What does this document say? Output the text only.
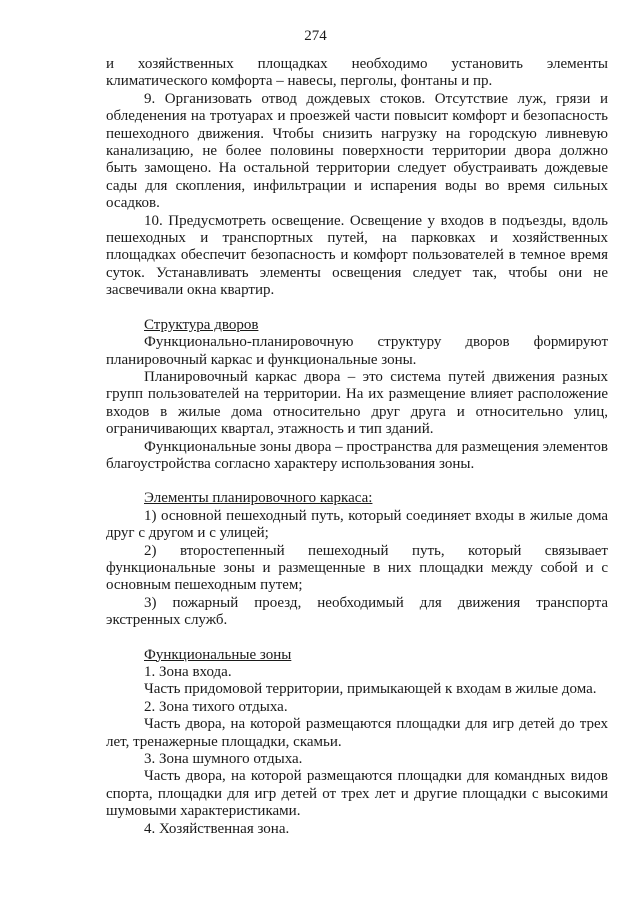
274

и хозяйственных площадках необходимо установить элементы климатического комфорта – навесы, перголы, фонтаны и пр.

9. Организовать отвод дождевых стоков. Отсутствие луж, грязи и обледенения на тротуарах и проезжей части повысит комфорт и безопасность пешеходного движения. Чтобы снизить нагрузку на городскую ливневую канализацию, не более половины поверхности территории двора должно быть замощено. На остальной территории следует обустраивать дождевые сады для скопления, инфильтрации и испарения воды во время сильных осадков.

10. Предусмотреть освещение. Освещение у входов в подъезды, вдоль пешеходных и транспортных путей, на парковках и хозяйственных площадках обеспечит безопасность и комфорт пользователей в темное время суток. Устанавливать элементы освещения следует так, чтобы они не засвечивали окна квартир.

Структура дворов

Функционально-планировочную структуру дворов формируют планировочный каркас и функциональные зоны.

Планировочный каркас двора – это система путей движения разных групп пользователей на территории. На их размещение влияет расположение входов в жилые дома относительно друг друга и относительно улиц, ограничивающих квартал, этажность и тип зданий.

Функциональные зоны двора – пространства для размещения элементов благоустройства согласно характеру использования зоны.

Элементы планировочного каркаса:

1) основной пешеходный путь, который соединяет входы в жилые дома друг с другом и с улицей;

2) второстепенный пешеходный путь, который связывает функциональные зоны и размещенные в них площадки между собой и с основным пешеходным путем;

3) пожарный проезд, необходимый для движения транспорта экстренных служб.

Функциональные зоны

1. Зона входа.

Часть придомовой территории, примыкающей к входам в жилые дома.

2. Зона тихого отдыха.

Часть двора, на которой размещаются площадки для игр детей до трех лет, тренажерные площадки, скамьи.

3. Зона шумного отдыха.

Часть двора, на которой размещаются площадки для командных видов спорта, площадки для игр детей от трех лет и другие площадки с высокими шумовыми характеристиками.

4. Хозяйственная зона.
